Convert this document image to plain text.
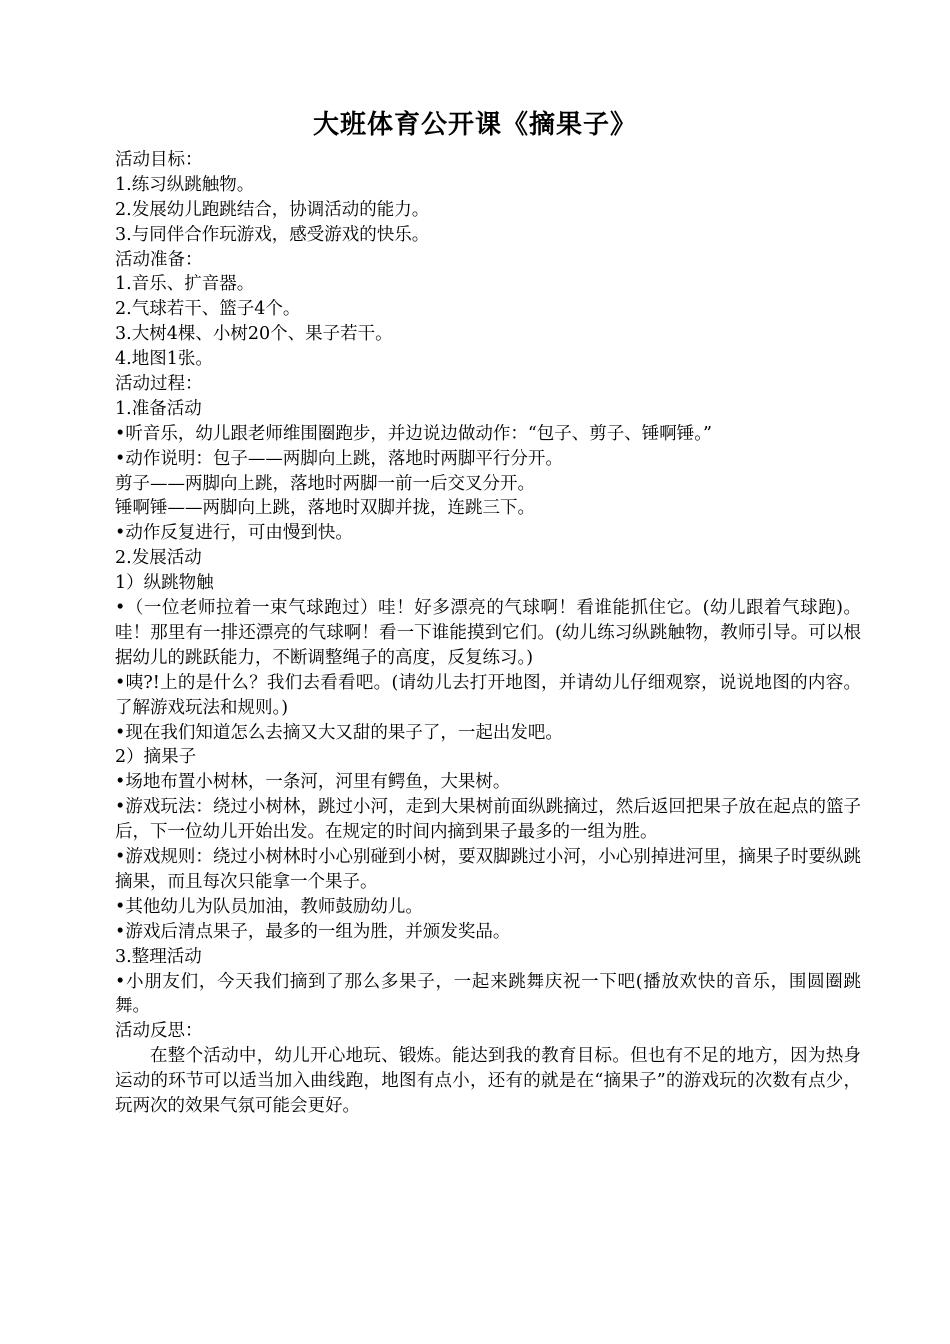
大班体育公开课《摘果子》
活动目标：
1.练习纵跳触物。
2.发展幼儿跑跳结合，协调活动的能力。
3.与同伴合作玩游戏，感受游戏的快乐。
活动准备：
1.音乐、扩音器。
2.气球若干、篮子4个。
3.大树4棵、小树20个、果子若干。
4.地图1张。
活动过程：
1.准备活动
•听音乐，幼儿跟老师维围圈跑步，并边说边做动作：“包子、剪子、锤啊锤。”
•动作说明：包子——两脚向上跳，落地时两脚平行分开。
剪子——两脚向上跳，落地时两脚一前一后交叉分开。
锤啊锤——两脚向上跳，落地时双脚并拢，连跳三下。
•动作反复进行，可由慢到快。
2.发展活动
1）纵跳物触
•（一位老师拉着一束气球跑过）哇！好多漂亮的气球啊！看谁能抓住它。(幼儿跟着气球跑)。哇！那里有一排还漂亮的气球啊！看一下谁能摸到它们。(幼儿练习纵跳触物，教师引导。可以根据幼儿的跳跃能力，不断调整绳子的高度，反复练习。)
•咦?!上的是什么？我们去看看吧。(请幼儿去打开地图，并请幼儿仔细观察，说说地图的内容。了解游戏玩法和规则。)
•现在我们知道怎么去摘又大又甜的果子了，一起出发吧。
2）摘果子
•场地布置小树林，一条河，河里有鳄鱼，大果树。
•游戏玩法：绕过小树林，跳过小河，走到大果树前面纵跳摘过，然后返回把果子放在起点的篮子后，下一位幼儿开始出发。在规定的时间内摘到果子最多的一组为胜。
•游戏规则：绕过小树林时小心别碰到小树，要双脚跳过小河，小心别掉进河里，摘果子时要纵跳摘果，而且每次只能拿一个果子。
•其他幼儿为队员加油，教师鼓励幼儿。
•游戏后清点果子，最多的一组为胜，并颁发奖品。
3.整理活动
•小朋友们，今天我们摘到了那么多果子，一起来跳舞庆祝一下吧(播放欢快的音乐，围圆圈跳舞。
活动反思：
在整个活动中，幼儿开心地玩、锻炼。能达到我的教育目标。但也有不足的地方，因为热身运动的环节可以适当加入曲线跑，地图有点小，还有的就是在“摘果子”的游戏玩的次数有点少，玩两次的效果气氛可能会更好。
